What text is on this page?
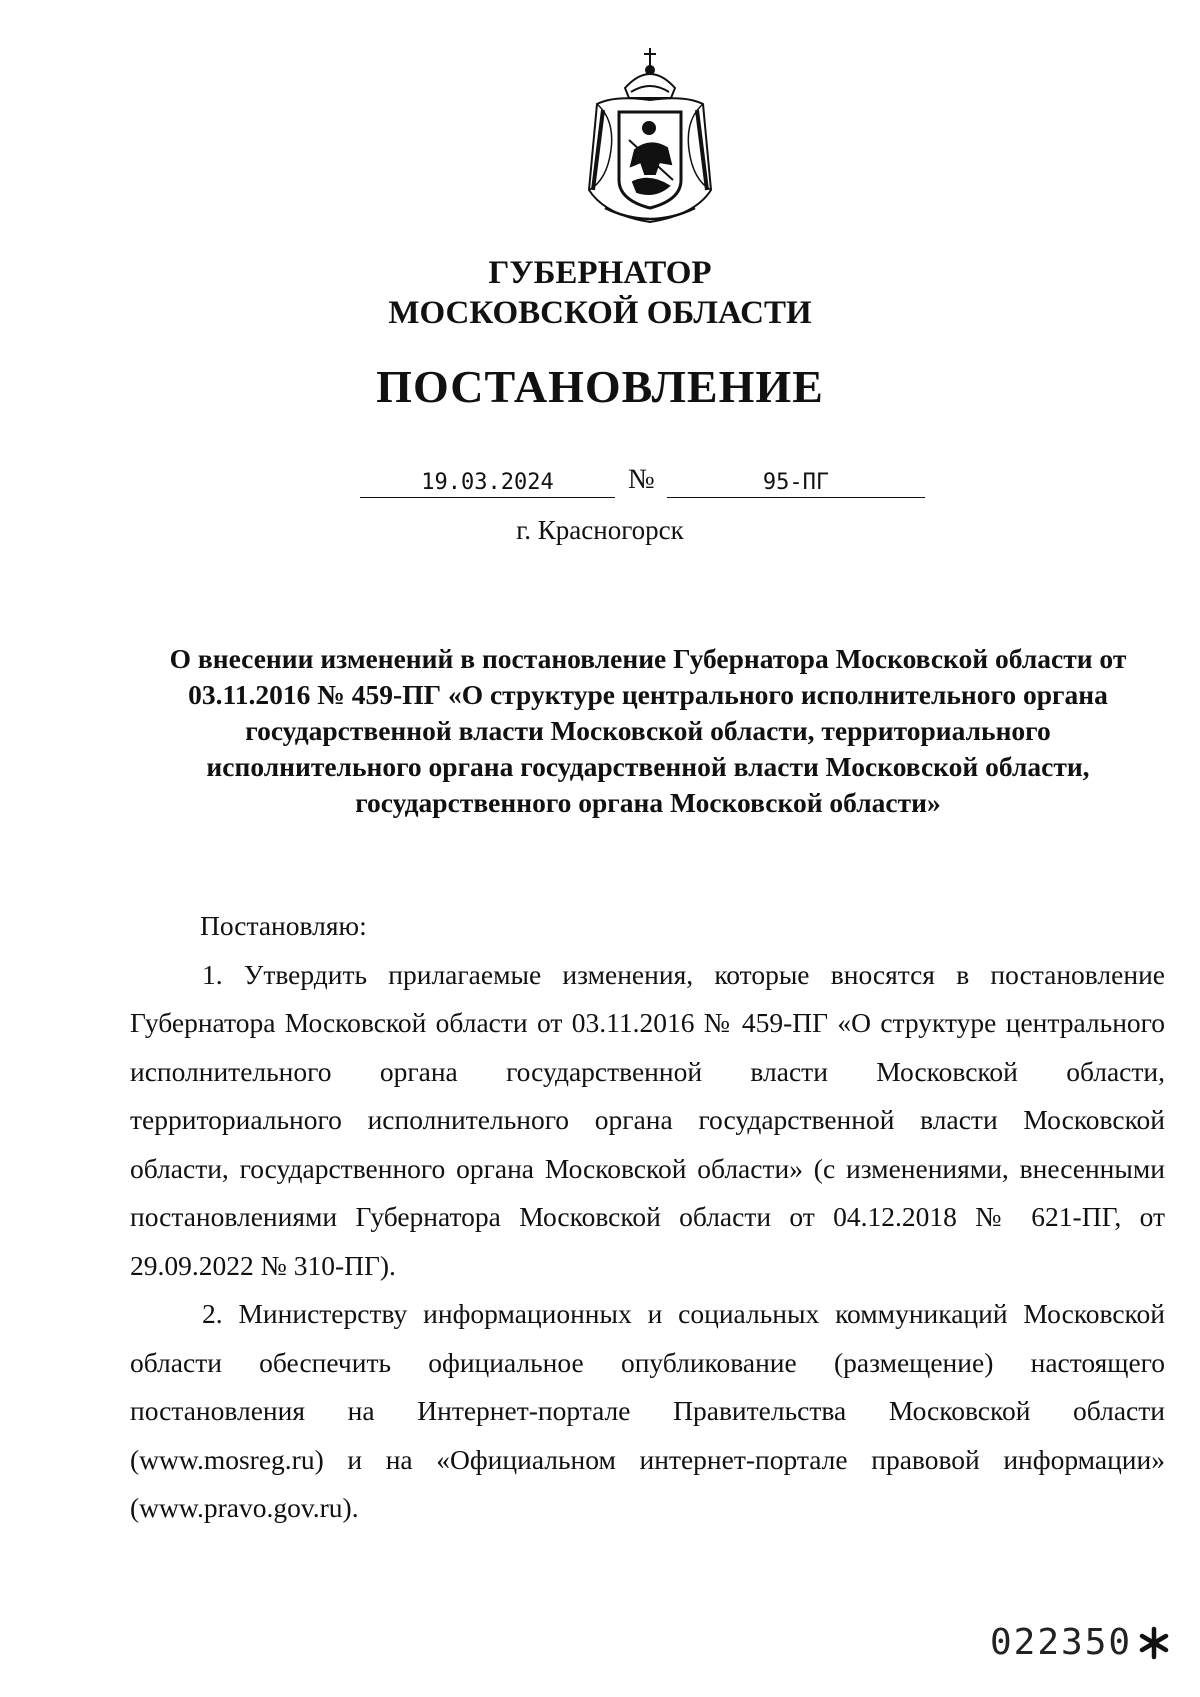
ГУБЕРНАТОР
МОСКОВСКОЙ ОБЛАСТИ
ПОСТАНОВЛЕНИЕ
19.03.2024	№	95-ПГ
г. Красногорск
О внесении изменений в постановление Губернатора Московской области от 03.11.2016 № 459-ПГ «О структуре центрального исполнительного органа государственной власти Московской области, территориального исполнительного органа государственной власти Московской области, государственного органа Московской области»

Постановляю:

1. Утвердить прилагаемые изменения, которые вносятся в постановление Губернатора Московской области от 03.11.2016 № 459-ПГ «О структуре центрального исполнительного органа государственной власти Московской области, территориального исполнительного органа государственной власти Московской области, государственного органа Московской области» (с изменениями, внесенными постановлениями Губернатора Московской области от 04.12.2018 № 621-ПГ, от 29.09.2022 № 310-ПГ).

2. Министерству информационных и социальных коммуникаций Московской области обеспечить официальное опубликование (размещение) настоящего постановления на Интернет-портале Правительства Московской области (www.mosreg.ru) и на «Официальном интернет-портале правовой информации» (www.pravo.gov.ru).

022350
